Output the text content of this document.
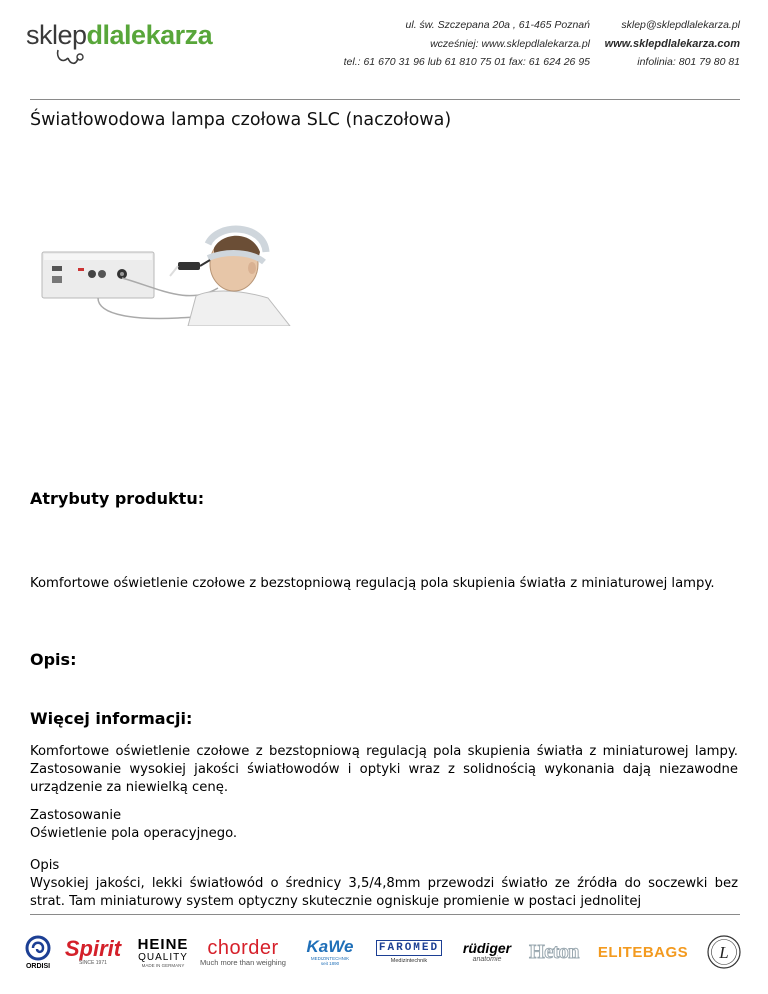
sklepdlalekarza	ul. św. Szczepana 20a , 61-465 Poznań
wcześniej: www.sklepdlalekarza.pl
tel.: 61 670 31 96 lub 61 810 75 01 fax: 61 624 26 95
sklep@sklepdlalekarza.pl
www.sklepdlalekarza.com
infolinia: 801 79 80 81
Światłowodowa lampa czołowa SLC (naczołowa)
Atrybuty produktu:

Komfortowe oświetlenie czołowe z bezstopniową regulacją pola skupienia światła z miniaturowej lampy.

Opis:
Więcej informacji:

Komfortowe oświetlenie czołowe z bezstopniową regulacją pola skupienia światła z miniaturowej lampy. Zastosowanie wysokiej jakości światłowodów i optyki wraz z solidnością wykonania dają niezawodne urządzenie za niewielką cenę.

Zastosowanie

Oświetlenie pola operacyjnego.

Opis

Wysokiej jakości, lekki światłowód o średnicy 3,5/4,8mm przewodzi światło ze źródła do soczewki bez strat. Tam miniaturowy system optyczny skutecznie ogniskuje promienie w postaci jednolitej

ORDISI
Spirit
SINCE 1971
HEINE
QUALITY
MADE IN GERMANY
chorder
Much more than weighing
KaWe
MEDIZINTECHNIK
seit 1890
FAROMED
Medizintechnik
rüdiger
anatomie Heton ELITEBAGS L
